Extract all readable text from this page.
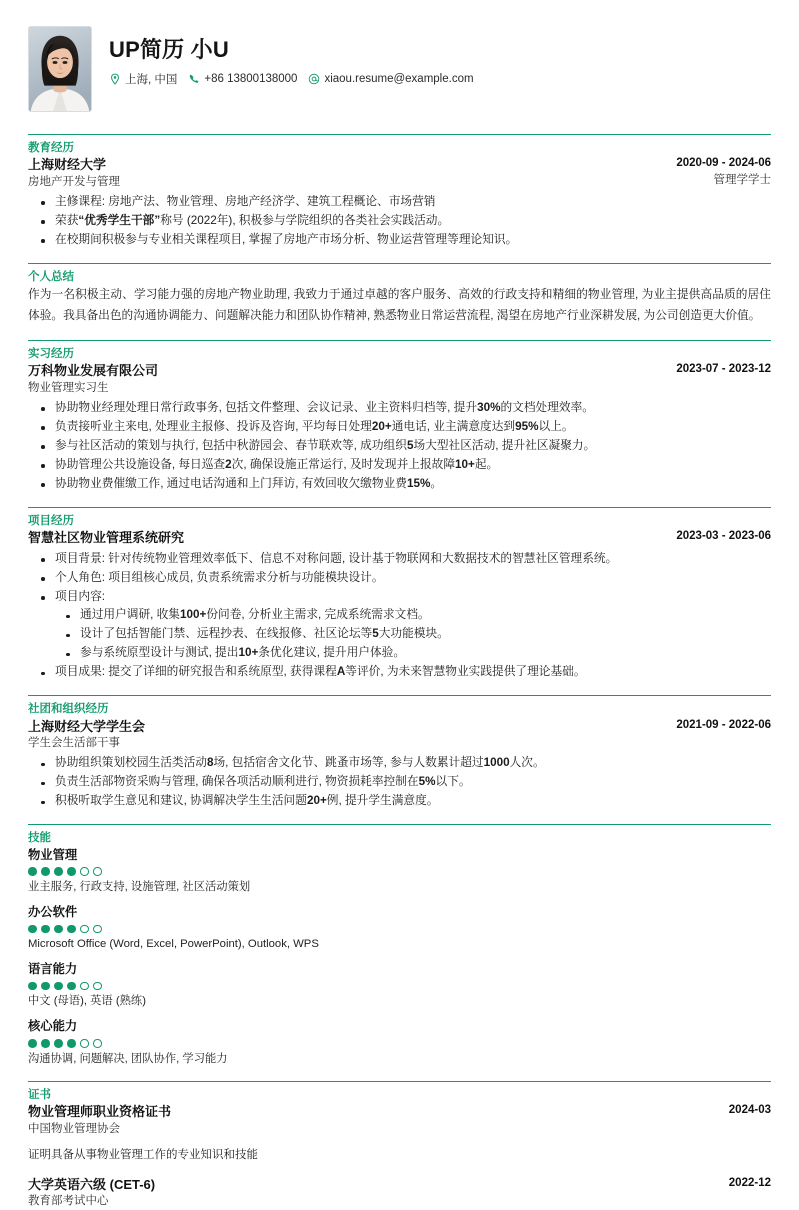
UP简历 小U
上海, 中国 +86 13800138000 xiaou.resume@example.com
教育经历
上海财经大学
房地产开发与管理
2020-09 - 2024-06
管理学学士
主修课程: 房地产法、物业管理、房地产经济学、建筑工程概论、市场营销
荣获“优秀学生干部”称号 (2022年), 积极参与学院组织的各类社会实践活动。
在校期间积极参与专业相关课程项目, 掌握了房地产市场分析、物业运营管理等理论知识。
个人总结
作为一名积极主动、学习能力强的房地产物业助理, 我致力于通过卓越的客户服务、高效的行政支持和精细的物业管理, 为业主提供高品质的居住体验。我具备出色的沟通协调能力、问题解决能力和团队协作精神, 熟悉物业日常运营流程, 渴望在房地产行业深耕发展, 为公司创造更大价值。
实习经历
万科物业发展有限公司
物业管理实习生
2023-07 - 2023-12
协助物业经理处理日常行政事务, 包括文件整理、会议记录、业主资料归档等, 提升30%的文档处理效率。
负责接听业主来电, 处理业主报修、投诉及咨询, 平均每日处理20+通电话, 业主满意度达到95%以上。
参与社区活动的策划与执行, 包括中秋游园会、春节联欢等, 成功组织5场大型社区活动, 提升社区凝聚力。
协助管理公共设施设备, 每日巡查2次, 确保设施正常运行, 及时发现并上报故障10+起。
协助物业费催缴工作, 通过电话沟通和上门拜访, 有效回收欠缴物业费15%。
项目经历
智慧社区物业管理系统研究	2023-03 - 2023-06
项目背景: 针对传统物业管理效率低下、信息不对称问题, 设计基于物联网和大数据技术的智慧社区管理系统。
个人角色: 项目组核心成员, 负责系统需求分析与功能模块设计。
项目内容:
通过用户调研, 收集100+份问卷, 分析业主需求, 完成系统需求文档。
设计了包括智能门禁、远程抄表、在线报修、社区论坛等5大功能模块。
参与系统原型设计与测试, 提出10+条优化建议, 提升用户体验。
项目成果: 提交了详细的研究报告和系统原型, 获得课程A等评价, 为未来智慧物业实践提供了理论基础。
社团和组织经历
上海财经大学学生会
学生会生活部干事
2021-09 - 2022-06
协助组织策划校园生活类活动8场, 包括宿舍文化节、跳蚤市场等, 参与人数累计超过1000人次。
负责生活部物资采购与管理, 确保各项活动顺利进行, 物资损耗率控制在5%以下。
积极听取学生意见和建议, 协调解决学生生活问题20+例, 提升学生满意度。
技能
物业管理
业主服务, 行政支持, 设施管理, 社区活动策划
办公软件
Microsoft Office (Word, Excel, PowerPoint), Outlook, WPS
语言能力
中文 (母语), 英语 (熟练)
核心能力
沟通协调, 问题解决, 团队协作, 学习能力
证书
物业管理师职业资格证书
中国物业管理协会
2024-03
证明具备从事物业管理工作的专业知识和技能
大学英语六级 (CET-6)
教育部考试中心
2022-12
